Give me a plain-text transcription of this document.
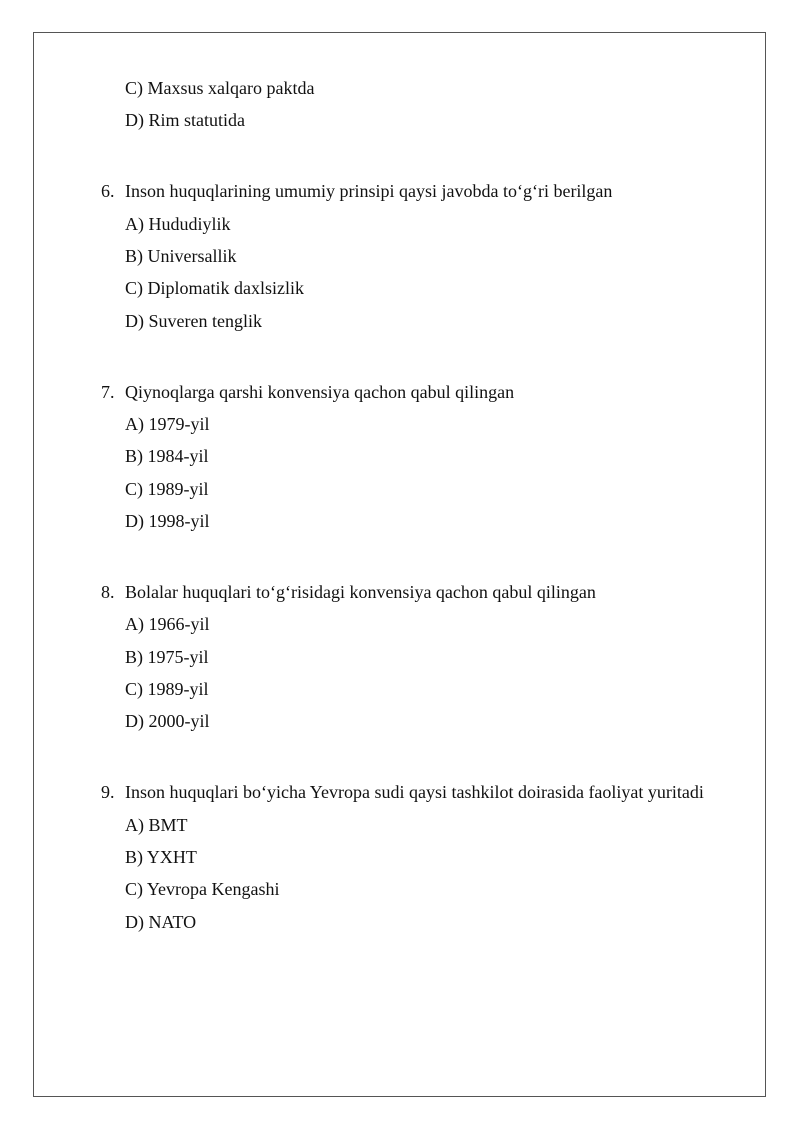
C) Maxsus xalqaro paktda
D) Rim statutida
6. Inson huquqlarining umumiy prinsipi qaysi javobda to‘g‘ri berilgan
A) Hududiylik
B) Universallik
C) Diplomatik daxlsizlik
D) Suveren tenglik
7. Qiynoqlarga qarshi konvensiya qachon qabul qilingan
A) 1979-yil
B) 1984-yil
C) 1989-yil
D) 1998-yil
8. Bolalar huquqlari to‘g‘risidagi konvensiya qachon qabul qilingan
A) 1966-yil
B) 1975-yil
C) 1989-yil
D) 2000-yil
9. Inson huquqlari bo‘yicha Yevropa sudi qaysi tashkilot doirasida faoliyat yuritadi
A) BMT
B) YXHT
C) Yevropa Kengashi
D) NATO
